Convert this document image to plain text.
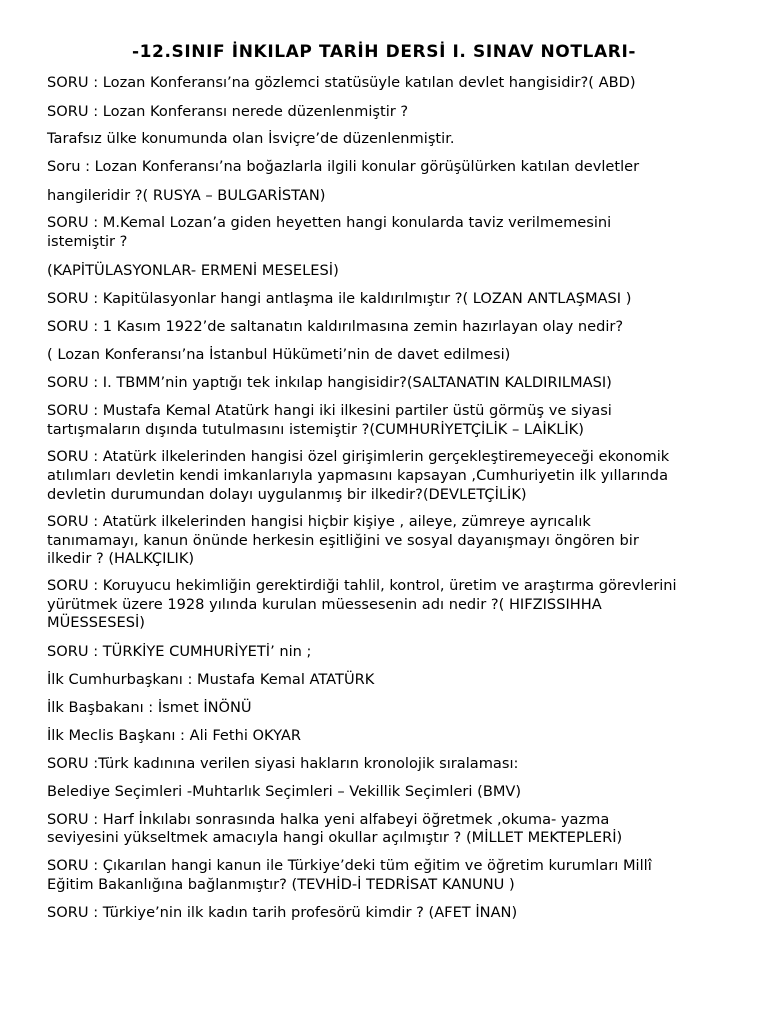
-12.SINIF İNKILAP TARİH DERSİ I. SINAV NOTLARI-
SORU : Lozan Konferansı’na gözlemci statüsüyle katılan devlet hangisidir?( ABD)
SORU : Lozan Konferansı nerede düzenlenmiştir ?
Tarafsız ülke konumunda olan İsviçre’de düzenlenmiştir.
Soru : Lozan Konferansı’na boğazlarla ilgili konular görüşülürken katılan devletler
hangileridir ?( RUSYA – BULGARİSTAN)
SORU : M.Kemal Lozan’a giden heyetten hangi konularda taviz verilmemesini
istemiştir ?
(KAPİTÜLASYONLAR- ERMENİ MESELESİ)
SORU : Kapitülasyonlar hangi antlaşma ile kaldırılmıştır ?( LOZAN ANTLAŞMASI )
SORU : 1 Kasım 1922’de saltanatın kaldırılmasına zemin hazırlayan olay nedir?
( Lozan Konferansı’na İstanbul Hükümeti’nin de davet edilmesi)
SORU : I. TBMM’nin yaptığı tek inkılap hangisidir?(SALTANATIN KALDIRILMASI)
SORU : Mustafa Kemal Atatürk hangi iki ilkesini partiler üstü görmüş ve siyasi
tartışmaların dışında tutulmasını istemiştir ?(CUMHURİYETÇİLİK – LAİKLİK)
SORU : Atatürk ilkelerinden hangisi özel girişimlerin gerçekleştiremeyeceği ekonomik
atılımları devletin kendi imkanlarıyla yapmasını kapsayan ,Cumhuriyetin ilk yıllarında
devletin durumundan dolayı uygulanmış bir ilkedir?(DEVLETÇİLİK)
SORU : Atatürk ilkelerinden hangisi hiçbir kişiye , aileye, zümreye ayrıcalık
tanımamayı, kanun önünde herkesin eşitliğini ve sosyal dayanışmayı öngören bir
ilkedir ? (HALKÇILIK)
SORU : Koruyucu hekimliğin gerektirdiği tahlil, kontrol, üretim ve araştırma görevlerini
yürütmek üzere 1928 yılında kurulan müessesenin adı nedir ?( HIFZISSIHHA
MÜESSESESİ)
SORU : TÜRKİYE CUMHURİYETİ’ nin ;
İlk Cumhurbaşkanı : Mustafa Kemal ATATÜRK
İlk Başbakanı : İsmet İNÖNÜ
İlk Meclis Başkanı : Ali Fethi OKYAR
SORU :Türk kadınına verilen siyasi hakların kronolojik sıralaması:
Belediye Seçimleri -Muhtarlık Seçimleri – Vekillik Seçimleri (BMV)
SORU : Harf İnkılabı sonrasında halka yeni alfabeyi öğretmek ,okuma- yazma
seviyesini yükseltmek amacıyla hangi okullar açılmıştır ? (MİLLET MEKTEPLERİ)
SORU : Çıkarılan hangi kanun ile Türkiye’deki tüm eğitim ve öğretim kurumları Millî
Eğitim Bakanlığına bağlanmıştır? (TEVHİD-İ TEDRİSAT KANUNU )
SORU : Türkiye’nin ilk kadın tarih profesörü kimdir ? (AFET İNAN)
